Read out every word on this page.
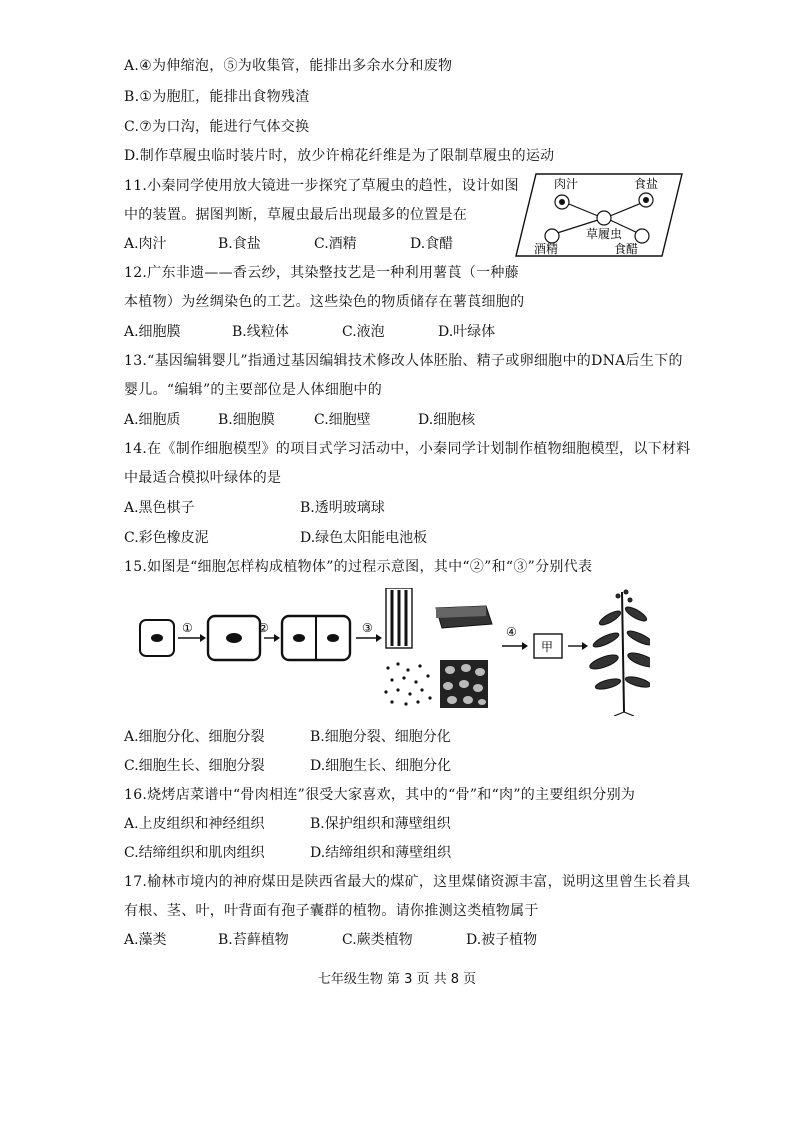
A.④为伸缩泡，⑤为收集管，能排出多余水分和废物
B.①为胞肛，能排出食物残渣
C.⑦为口沟，能进行气体交换
D.制作草履虫临时装片时，放少许棉花纤维是为了限制草履虫的运动
11.小秦同学使用放大镜进一步探究了草履虫的趋性，设计如图
中的装置。据图判断，草履虫最后出现最多的位置是在
A.肉汁	B.食盐	C.酒精	D.食醋
肉汁	食盐
草履虫
酒精	食醋
12.广东非遗——香云纱，其染整技艺是一种利用薯莨（一种藤
本植物）为丝绸染色的工艺。这些染色的物质储存在薯莨细胞的
A.细胞膜	B.线粒体	C.液泡	D.叶绿体
13.“基因编辑婴儿”指通过基因编辑技术修改人体胚胎、精子或卵细胞中的DNA后生下的
婴儿。“编辑”的主要部位是人体细胞中的
A.细胞质	B.细胞膜	C.细胞壁	D.细胞核
14.在《制作细胞模型》的项目式学习活动中，小秦同学计划制作植物细胞模型，以下材料
中最适合模拟叶绿体的是
A.黑色棋子	B.透明玻璃球
C.彩色橡皮泥	D.绿色太阳能电池板
15.如图是“细胞怎样构成植物体”的过程示意图，其中“②”和“③”分别代表
①	②	③	④
甲
A.细胞分化、细胞分裂	B.细胞分裂、细胞分化
C.细胞生长、细胞分裂	D.细胞生长、细胞分化
16.烧烤店菜谱中“骨肉相连”很受大家喜欢，其中的“骨”和“肉”的主要组织分别为
A.上皮组织和神经组织	B.保护组织和薄壁组织
C.结缔组织和肌肉组织	D.结缔组织和薄壁组织
17.榆林市境内的神府煤田是陕西省最大的煤矿，这里煤储资源丰富，说明这里曾生长着具
有根、茎、叶，叶背面有孢子囊群的植物。请你推测这类植物属于
A.藻类	B.苔藓植物	C.蕨类植物	D.被子植物
七年级生物 第 3 页 共 8 页
